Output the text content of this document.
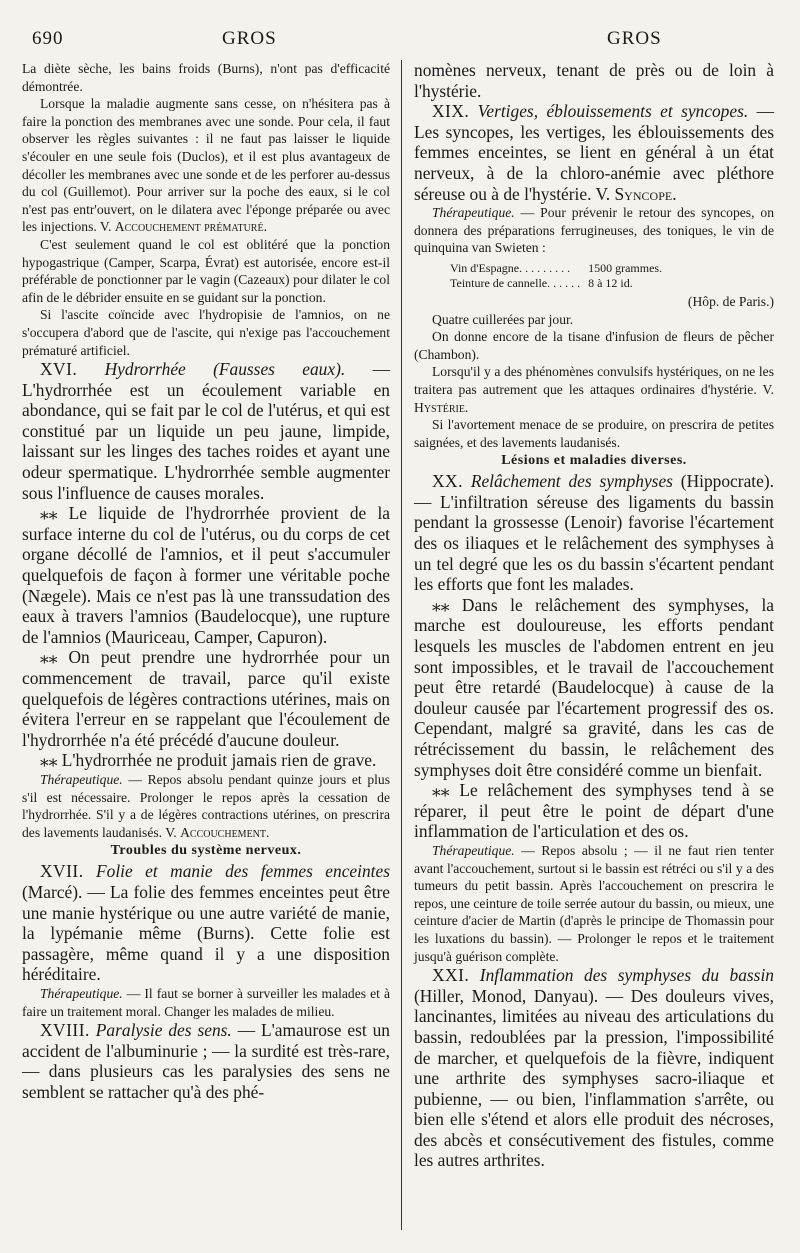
690	GROS	GROS

La diète sèche, les bains froids (Burns), n'ont pas d'efficacité démontrée.

Lorsque la maladie augmente sans cesse, on n'hésitera pas à faire la ponction des membranes avec une sonde. Pour cela, il faut observer les règles suivantes : il ne faut pas laisser le liquide s'écouler en une seule fois (Duclos), et il est plus avantageux de décoller les membranes avec une sonde et de les perforer au-dessus du col (Guillemot). Pour arriver sur la poche des eaux, si le col n'est pas entr'ouvert, on le dilatera avec l'éponge préparée ou avec les injections. V. Accouchement prématuré.

C'est seulement quand le col est oblitéré que la ponction hypogastrique (Camper, Scarpa, Évrat) est autorisée, encore est-il préférable de ponctionner par le vagin (Cazeaux) pour dilater le col afin de le débrider ensuite en se guidant sur la ponction.

Si l'ascite coïncide avec l'hydropisie de l'amnios, on ne s'occupera d'abord que de l'ascite, qui n'exige pas l'accouchement prématuré artificiel.

XVI. Hydrorrhée (Fausses eaux). — L'hydrorrhée est un écoulement variable en abondance, qui se fait par le col de l'utérus, et qui est constitué par un liquide un peu jaune, limpide, laissant sur les linges des taches roides et ayant une odeur spermatique. L'hydrorrhée semble augmenter sous l'influence de causes morales.

⁎⁎ Le liquide de l'hydrorrhée provient de la surface interne du col de l'utérus, ou du corps de cet organe décollé de l'amnios, et il peut s'accumuler quelquefois de façon à former une véritable poche (Nægele). Mais ce n'est pas là une transsudation des eaux à travers l'amnios (Baudelocque), une rupture de l'amnios (Mauriceau, Camper, Capuron).

⁎⁎ On peut prendre une hydrorrhée pour un commencement de travail, parce qu'il existe quelquefois de légères contractions utérines, mais on évitera l'erreur en se rappelant que l'écoulement de l'hydrorrhée n'a été précédé d'aucune douleur.

⁎⁎ L'hydrorrhée ne produit jamais rien de grave.

Thérapeutique. — Repos absolu pendant quinze jours et plus s'il est nécessaire. Prolonger le repos après la cessation de l'hydrorrhée. S'il y a de légères contractions utérines, on prescrira des lavements laudanisés. V. Accouchement.

Troubles du système nerveux.

XVII. Folie et manie des femmes enceintes (Marcé). — La folie des femmes enceintes peut être une manie hystérique ou une autre variété de manie, la lypémanie même (Burns). Cette folie est passagère, même quand il y a une disposition héréditaire.

Thérapeutique. — Il faut se borner à surveiller les malades et à faire un traitement moral. Changer les malades de milieu.

XVIII. Paralysie des sens. — L'amaurose est un accident de l'albuminurie ; — la surdité est très-rare, — dans plusieurs cas les paralysies des sens ne semblent se rattacher qu'à des phé-

nomènes nerveux, tenant de près ou de loin à l'hystérie.

XIX. Vertiges, éblouissements et syncopes. — Les syncopes, les vertiges, les éblouissements des femmes enceintes, se lient en général à un état nerveux, à de la chloro-anémie avec pléthore séreuse ou à de l'hystérie. V. Syncope.

Thérapeutique. — Pour prévenir le retour des syncopes, on donnera des préparations ferrugineuses, des toniques, le vin de quinquina van Swieten :

Vin d'Espagne. . . . . . . . .	1500 grammes.
Teinture de cannelle. . . . . .	8 à 12 id.

(Hôp. de Paris.)

Quatre cuillerées par jour.

On donne encore de la tisane d'infusion de fleurs de pêcher (Chambon).

Lorsqu'il y a des phénomènes convulsifs hystériques, on ne les traitera pas autrement que les attaques ordinaires d'hystérie. V. Hystérie.

Si l'avortement menace de se produire, on prescrira de petites saignées, et des lavements laudanisés.

Lésions et maladies diverses.

XX. Relâchement des symphyses (Hippocrate). — L'infiltration séreuse des ligaments du bassin pendant la grossesse (Lenoir) favorise l'écartement des os iliaques et le relâchement des symphyses à un tel degré que les os du bassin s'écartent pendant les efforts que font les malades.

⁎⁎ Dans le relâchement des symphyses, la marche est douloureuse, les efforts pendant lesquels les muscles de l'abdomen entrent en jeu sont impossibles, et le travail de l'accouchement peut être retardé (Baudelocque) à cause de la douleur causée par l'écartement progressif des os. Cependant, malgré sa gravité, dans les cas de rétrécissement du bassin, le relâchement des symphyses doit être considéré comme un bienfait.

⁎⁎ Le relâchement des symphyses tend à se réparer, il peut être le point de départ d'une inflammation de l'articulation et des os.

Thérapeutique. — Repos absolu ; — il ne faut rien tenter avant l'accouchement, surtout si le bassin est rétréci ou s'il y a des tumeurs du petit bassin. Après l'accouchement on prescrira le repos, une ceinture de toile serrée autour du bassin, ou mieux, une ceinture d'acier de Martin (d'après le principe de Thomassin pour les luxations du bassin). — Prolonger le repos et le traitement jusqu'à guérison complète.

XXI. Inflammation des symphyses du bassin (Hiller, Monod, Danyau). — Des douleurs vives, lancinantes, limitées au niveau des articulations du bassin, redoublées par la pression, l'impossibilité de marcher, et quelquefois de la fièvre, indiquent une arthrite des symphyses sacro-iliaque et pubienne, — ou bien, l'inflammation s'arrête, ou bien elle s'étend et alors elle produit des nécroses, des abcès et consécutivement des fistules, comme les autres arthrites.
